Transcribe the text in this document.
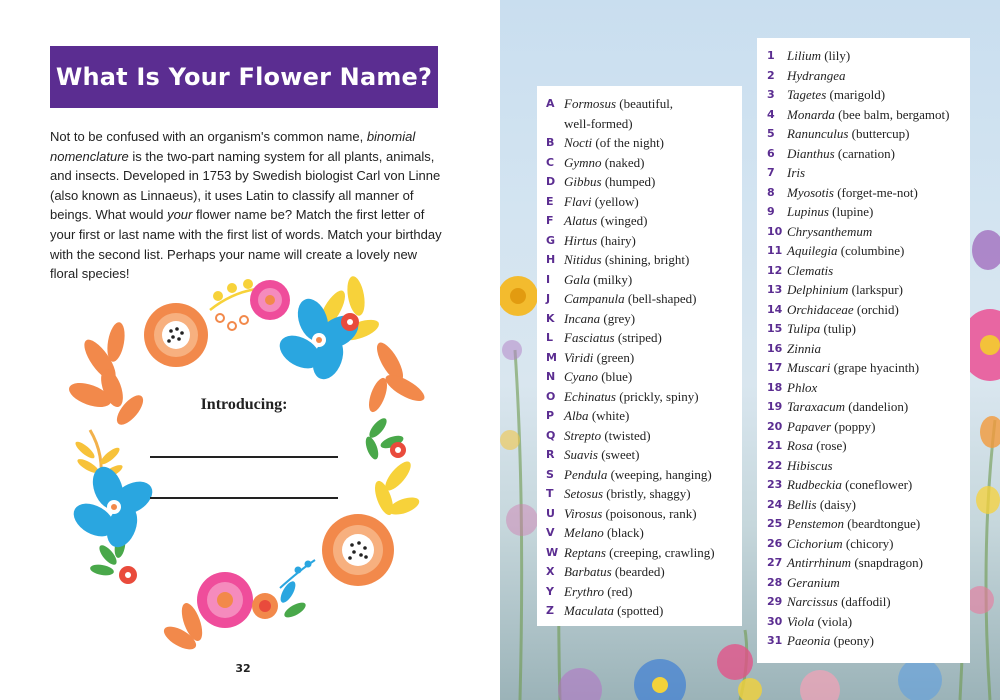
What Is Your Flower Name?

Not to be confused with an organism's common name, binomial nomenclature is the two-part naming system for all plants, animals, and insects. Developed in 1753 by Swedish biologist Carl von Linne (also known as Linnaeus), it uses Latin to classify all manner of beings. What would your flower name be? Match the first letter of your first or last name with the first list of words. Match your birthday with the second list. Perhaps your name will create a lovely new floral species!

Introducing:
32
A Formosus (beautiful,
well-formed)
B Nocti (of the night)
C Gymno (naked)
D Gibbus (humped)
E Flavi (yellow)
F Alatus (winged)
G Hirtus (hairy)
H Nitidus (shining, bright)
I	Gala (milky)
J	Campanula (bell-shaped)
K Incana (grey)
L Fasciatus (striped)
M Viridi (green)
N Cyano (blue)
O Echinatus (prickly, spiny)
P Alba (white)
Q Strepto (twisted)
R Suavis (sweet)
S Pendula (weeping, hanging)
T Setosus (bristly, shaggy)
U Virosus (poisonous, rank)
V Melano (black)
W Reptans (creeping, crawling)
X Barbatus (bearded)
Y Erythro (red)
Z Maculata (spotted)
1 Lilium (lily)
2 Hydrangea
3 Tagetes (marigold)
4 Monarda (bee balm, bergamot)
5 Ranunculus (buttercup)
6 Dianthus (carnation)
7 Iris
8 Myosotis (forget-me-not)
9 Lupinus (lupine)
10 Chrysanthemum
11 Aquilegia (columbine)
12 Clematis
13 Delphinium (larkspur)
14 Orchidaceae (orchid)
15 Tulipa (tulip)
16 Zinnia
17 Muscari (grape hyacinth)
18 Phlox
19 Taraxacum (dandelion)
20 Papaver (poppy)
21 Rosa (rose)
22 Hibiscus
23 Rudbeckia (coneflower)
24 Bellis (daisy)
25 Penstemon (beardtongue)
26 Cichorium (chicory)
27 Antirrhinum (snapdragon)
28 Geranium
29 Narcissus (daffodil)
30 Viola (viola)
31 Paeonia (peony)
